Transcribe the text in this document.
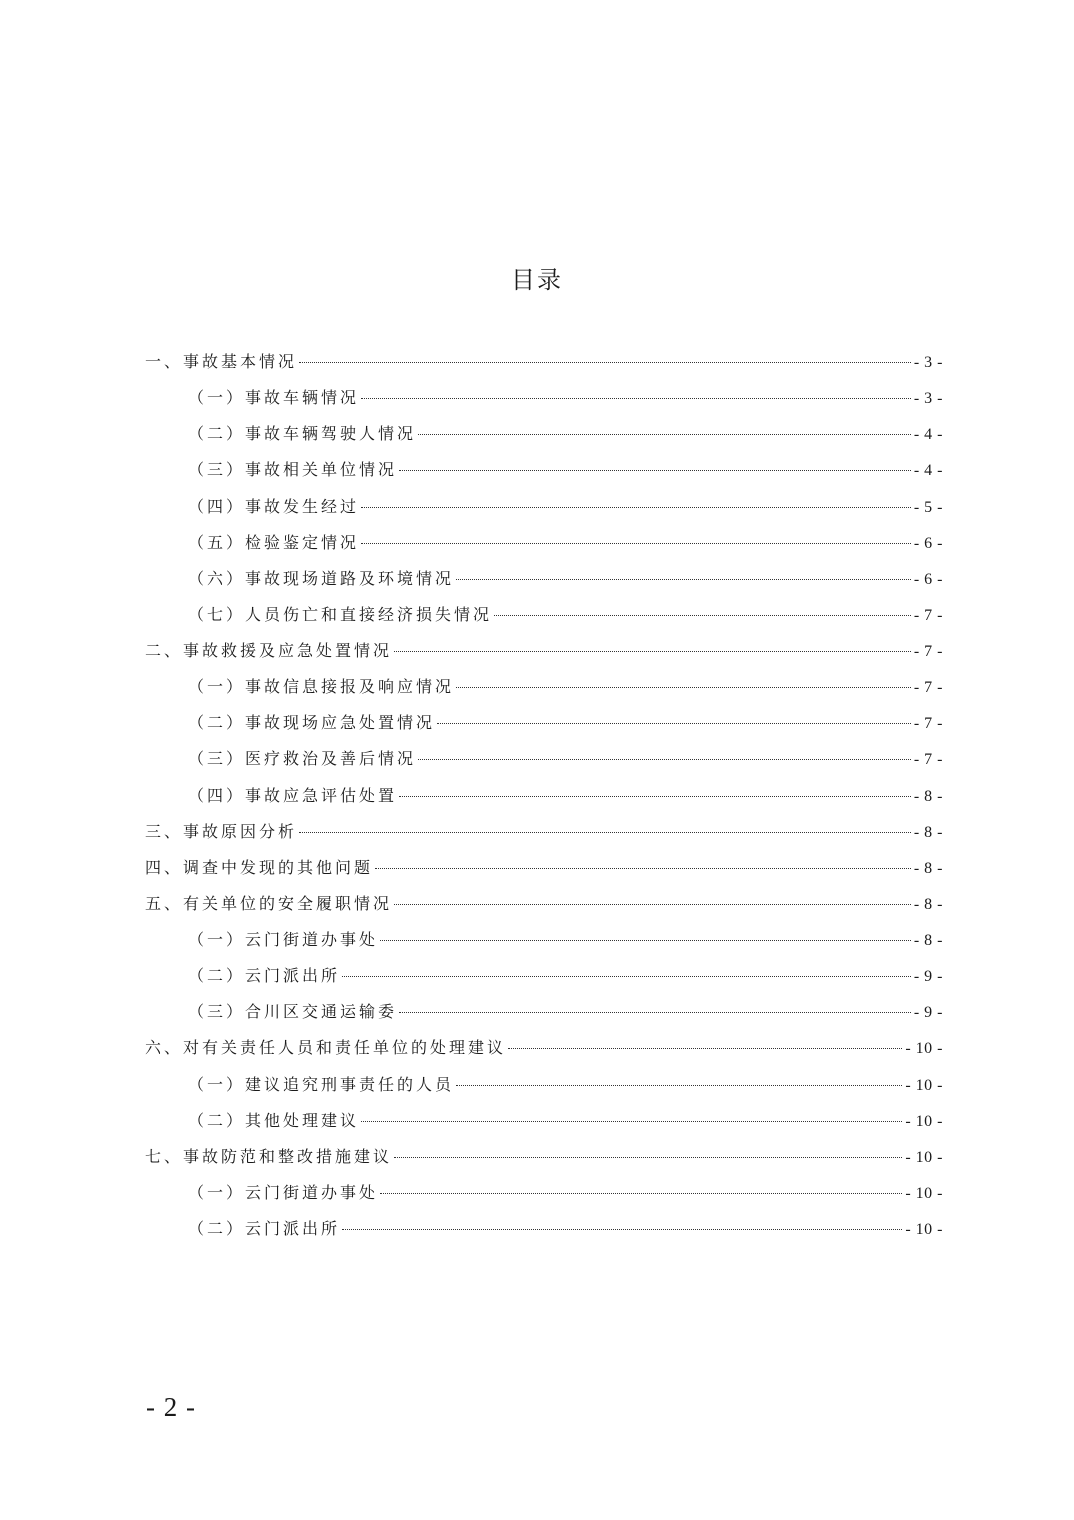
目录
一、事故基本情况	- 3 -
（一）事故车辆情况	- 3 -
（二）事故车辆驾驶人情况	- 4 -
（三）事故相关单位情况	- 4 -
（四）事故发生经过	- 5 -
（五）检验鉴定情况	- 6 -
（六）事故现场道路及环境情况	- 6 -
（七）人员伤亡和直接经济损失情况	- 7 -
二、事故救援及应急处置情况	- 7 -
（一）事故信息接报及响应情况	- 7 -
（二）事故现场应急处置情况	- 7 -
（三）医疗救治及善后情况	- 7 -
（四）事故应急评估处置	- 8 -
三、事故原因分析	- 8 -
四、调查中发现的其他问题	- 8 -
五、有关单位的安全履职情况	- 8 -
（一）云门街道办事处	- 8 -
（二）云门派出所	- 9 -
（三）合川区交通运输委	- 9 -
六、对有关责任人员和责任单位的处理建议	- 10 -
（一）建议追究刑事责任的人员	- 10 -
（二）其他处理建议	- 10 -
七、事故防范和整改措施建议	- 10 -
（一）云门街道办事处	- 10 -
（二）云门派出所	- 10 -
- 2 -
